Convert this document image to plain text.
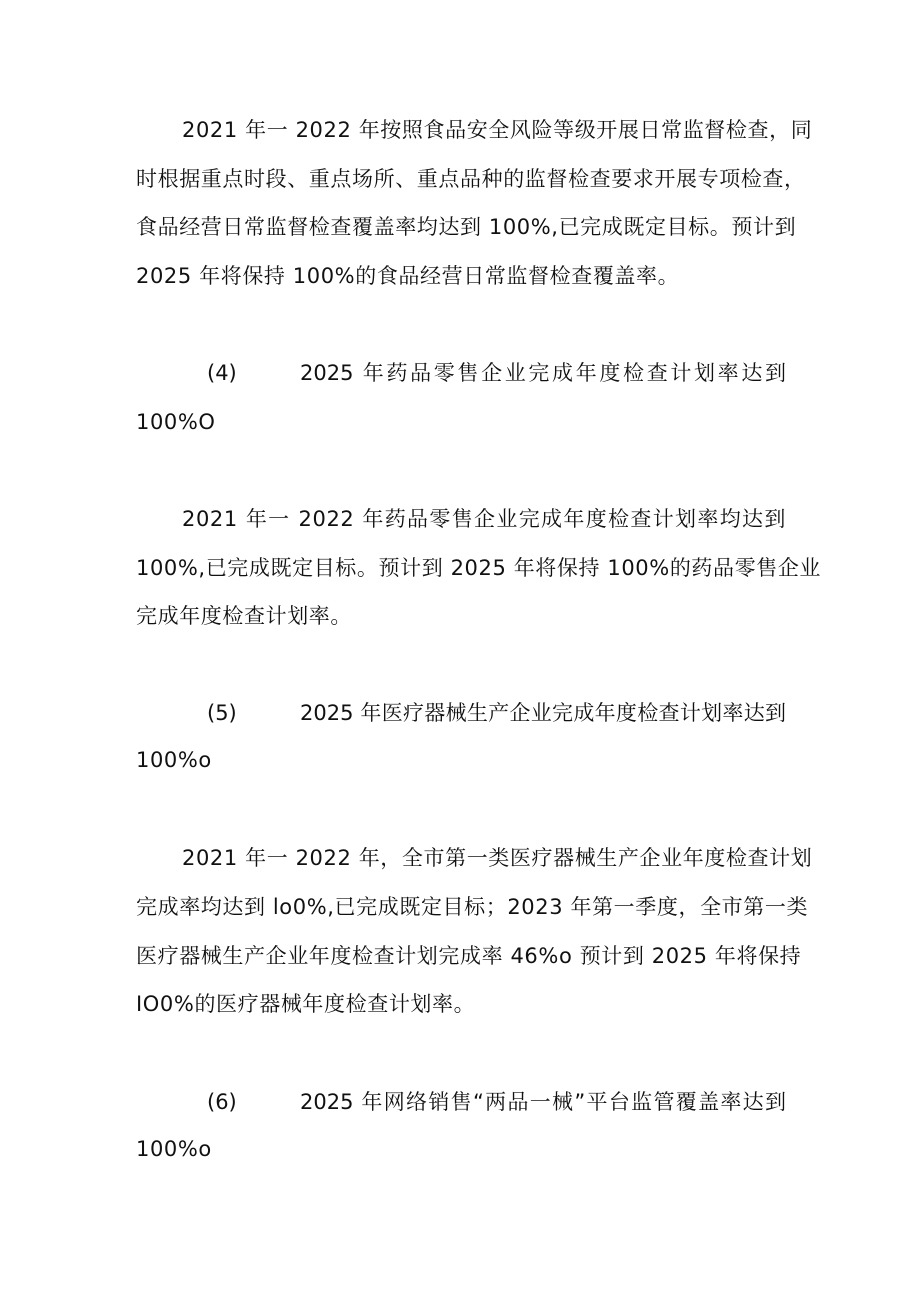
2021 年一 2022 年按照食品安全风险等级开展日常监督检查，同
时根据重点时段、重点场所、重点品种的监督检查要求开展专项检查，
食品经营日常监督检查覆盖率均达到 100%,已完成既定目标。预计到
2025 年将保持 100%的食品经营日常监督检查覆盖率。
(4)	2025 年药品零售企业完成年度检查计划率达到
100%O
2021 年一 2022 年药品零售企业完成年度检查计划率均达到
100%,已完成既定目标。预计到 2025 年将保持 100%的药品零售企业
完成年度检查计划率。
(5)	2025 年医疗器械生产企业完成年度检查计划率达到
100%o
2021 年一 2022 年，全市第一类医疗器械生产企业年度检查计划
完成率均达到 lo0%,已完成既定目标；2023 年第一季度，全市第一类
医疗器械生产企业年度检查计划完成率 46%o 预计到 2025 年将保持
IO0%的医疗器械年度检查计划率。
(6)	2025 年网络销售“两品一械”平台监管覆盖率达到
100%o
